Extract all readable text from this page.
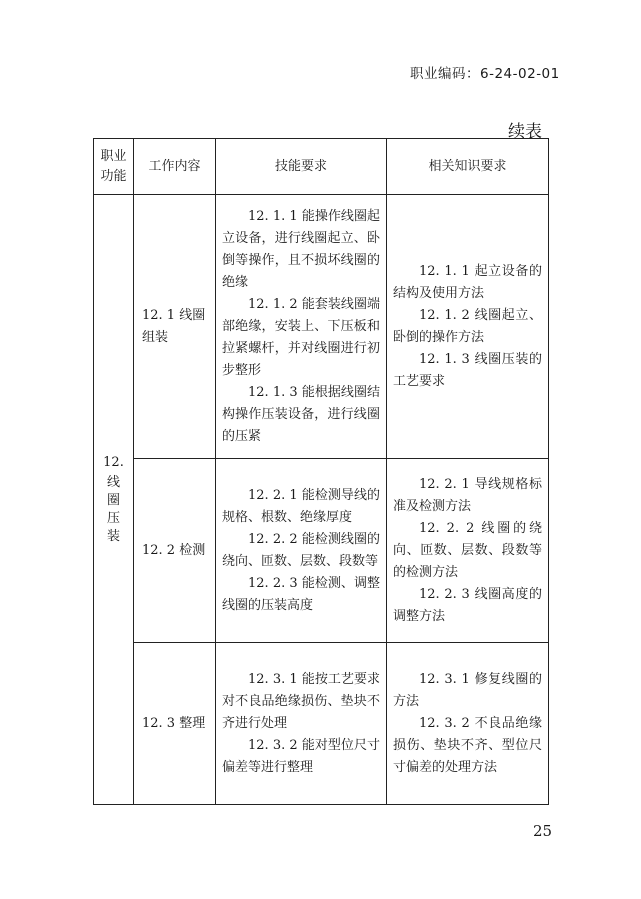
职业编码：6-24-02-01
续表
职业
功能	工作内容	技能要求	相关知识要求
12.
线圈压装	12. 1 线圈组装	12. 1. 1 能操作线圈起立设备，进行线圈起立、卧倒等操作，且不损坏线圈的绝缘
12. 1. 2 能套装线圈端部绝缘，安装上、下压板和拉紧螺杆，并对线圈进行初步整形
12. 1. 3 能根据线圈结构操作压装设备，进行线圈的压紧	12. 1. 1 起立设备的结构及使用方法
12. 1. 2 线圈起立、卧倒的操作方法
12. 1. 3 线圈压装的工艺要求

	12. 2 检测	12. 2. 1 能检测导线的规格、根数、绝缘厚度
12. 2. 2 能检测线圈的绕向、匝数、层数、段数等
12. 2. 3 能检测、调整线圈的压装高度	12. 2. 1 导线规格标准及检测方法
12. 2. 2 线圈的绕向、匝数、层数、段数等的检测方法
12. 2. 3 线圈高度的调整方法

	12. 3 整理	12. 3. 1 能按工艺要求对不良品绝缘损伤、垫块不齐进行处理
12. 3. 2 能对型位尺寸偏差等进行整理	12. 3. 1 修复线圈的方法
12. 3. 2 不良品绝缘损伤、垫块不齐、型位尺寸偏差的处理方法
25
